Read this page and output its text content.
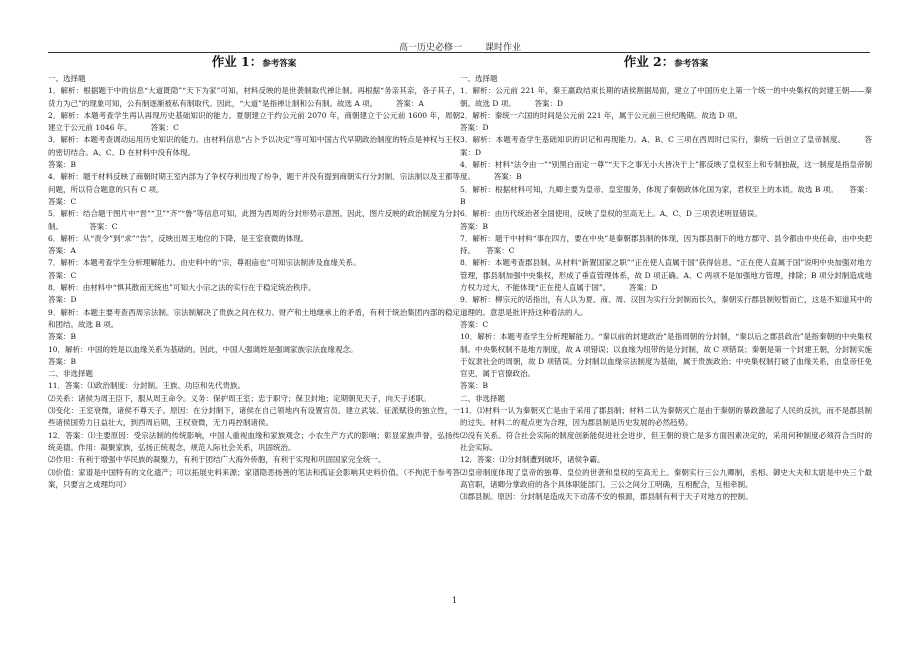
高一历史必修一	课时作业
作业 1：参考答案

一、选择题

1．解析：根据题干中的信息“大道既隐”“天下为家”可知，材料反映的是世袭制取代禅让制。再根据“务亲其亲，各子其子，货力为己”的现象可知，公有制逐渐被私有制取代。因此，“大道”是指禅让制和公有制。故选 A 项。　　　答案：A

2．解析：本题考查学生再认再现历史基础知识的能力。夏朝建立于约公元前 2070 年，商朝建立于公元前 1600 年，周朝建立于公元前 1046 年。　　　答案：C

3．解析：本题考查调动运用历史知识的能力。由材料信息“占卜予以决定”等可知中国古代早期政治制度的特点是神权与王权的密切结合。A、C、D 在材料中没有体现。

答案：B

4．解析：题干材料反映了商朝时期王室内部为了争权夺利出现了纷争，题干并没有提到商朝实行分封制、宗法制以及王都等问题，所以符合题意的只有 C 项。

答案：C

5．解析：结合题干图片中“晋”“卫”“齐”“鲁”等信息可知，此图为西周的分封形势示意图。因此，图片反映的政治制度为分封制。　　　　答案：C

6．解析：从“责令”到“求”“告”，反映出周王地位的下降，是王室衰微的体现。

答案：A

7．解析：本题考查学生分析理解能力。由史料中的“宗，尊祖庙也”可知宗法制涉及血缘关系。

答案：C

8．解析：由材料中“惧其散而无统也”可知大小宗之法的实行在于稳定统治秩序。

答案：D

9．解析：本题主要考查西周宗法制。宗法制解决了贵族之间在权力、财产和土地继承上的矛盾，有利于统治集团内部的稳定和团结。故选 B 项。

答案：B

10．解析：中国的姓是以血缘关系为基础的。因此，中国人强调姓是强调家族宗法血缘观念。

答案：B

二、非选择题

11．答案：⑴政治制度：分封制。王族、功臣和先代贵族。

⑵关系：诸侯为周王臣下，服从周王命令。义务：保护周王室；忠于职守；保卫封地；定期朝见天子，向天子述职。

⑶变化：王室衰微，诸侯不尊天子。原因：在分封制下，诸侯在自己领地内有设置官员、建立武装、征派赋役的独立性，一些诸侯国势力日益壮大，到西周后期，王权衰微，无力再控制诸侯。

12．答案：⑴主要原因：受宗法制的传统影响，中国人重视血缘和家族观念；小农生产方式的影响；彰显家族声誉，弘扬传统美德。作用：凝聚家族，弘扬正统观念，规范人际社会关系，巩固统治。

⑵作用：有利于增强中华民族的凝聚力，有利于团结广大海外侨胞，有利于实现和巩固国家完全统一。

⑶价值：家谱是中国特有的文化遗产；可以拓展史料来源；家谱隐恶扬善的笔法和孤证会影响其史料价值。（不拘泥于参考答案，只要言之成理均可）

作业 2：参考答案

一、选择题

1．解析：公元前 221 年，秦王嬴政结束长期的诸侯割据局面，建立了中国历史上第一个统一的中央集权的封建王朝——秦朝。故选 D 项。　　　答案：D

2．解析：秦统一六国的时间是公元前 221 年，属于公元前三世纪晚期。故选 D 项。

答案：D

3．解析：本题考查学生基础知识的识记和再现能力。A、B、C 三项在西周时已实行，秦统一后创立了皇帝制度。　　　答案：D

4．解析：材料“法令由一”“别黑白而定一尊”“天下之事无小大皆决于上”都反映了皇权至上和专制独裁，这一制度是指皇帝制度。　　　答案：B

5．解析：根据材料可知，九卿主要为皇帝、皇室服务，体现了秦朝政体化国为家，君权至上的本质。故选 B 项。　　答案：B

6．解析：由历代统治者全国使用，反映了皇权的至高无上。A、C、D 三项表述明显错误。

答案：B

7．解析：题干中材料“事在四方，要在中央”是秦朝郡县制的体现，因为郡县制下的地方郡守、县令都由中央任命，由中央把持。　　答案：C

8．解析：本题考查郡县制。从材料“新置国家之职”“正在使人直属于国”获得信息。“正在使人直属于国”说明中央加强对地方管理，郡县制加强中央集权，形成了垂直管理体系，故 D 项正确。A、C 两项不是加强地方管理，排除；B 项分封制造成地方权力过大，不能体现“正在使人直属于国”。　　　答案：D

9．解析：柳宗元的话指出，有人认为夏、商、周、汉因为实行分封制而长久，秦朝实行郡县制短暂而亡，这是不知道其中的道理的。意思是批评持这种看法的人。

答案：C

10．解析：本题考查学生分析理解能力。“秦以前的封建政治”是指周朝的分封制，“秦以后之郡县政治”是指秦朝的中央集权制。中央集权制不是地方制度，故 A 项错误；以血缘为纽带的是分封制，故 C 项错误；秦朝是第一个封建王朝，分封制实施于奴隶社会的周朝，故 D 项错误。分封制以血缘宗法制度为基础，属于贵族政治；中央集权制打破了血缘关系，由皇帝任免官吏，属于官僚政治。

答案：B

二、非选择题

11．⑴材料一认为秦朝灭亡是由于采用了郡县制；材料二认为秦朝灭亡是由于秦朝的暴政激起了人民的反抗，而不是郡县制的过失。材料二的观点更为合理，因为郡县制是历史发展的必然趋势。

⑵没有关系。符合社会实际的制度创新能促进社会进步，但王朝的衰亡是多方面因素决定的，采用何种制度必须符合当时的社会实际。

12．答案：⑴分封制遭到破坏，诸侯争霸。

⑵皇帝制度体现了皇帝的独尊、皇位的世袭和皇权的至高无上。秦朝实行三公九卿制，丞相、御史大夫和太尉是中央三个最高官职，诸卿分掌政府的各个具体职能部门。三公之间分工明确，互相配合，互相牵制。

⑶郡县制。原因：分封制是造成天下动荡不安的根源，郡县制有利于天子对地方的控制。

1
